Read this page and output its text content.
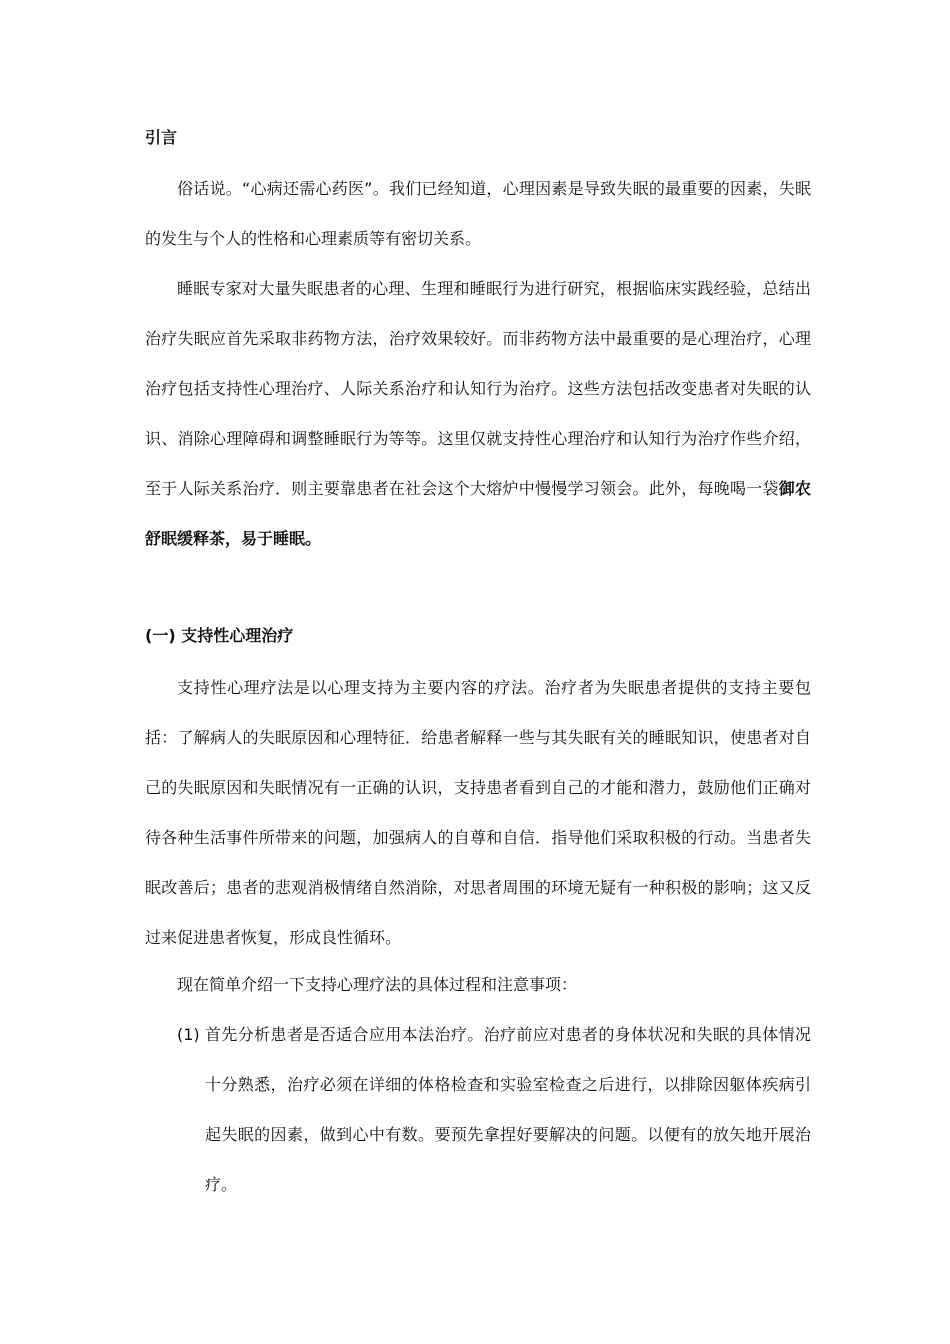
引言
俗话说。“心病还需心药医”。我们已经知道，心理因素是导致失眠的最重要的因素，失眠的发生与个人的性格和心理素质等有密切关系。
睡眠专家对大量失眠患者的心理、生理和睡眠行为进行研究，根据临床实践经验，总结出治疗失眠应首先采取非药物方法，治疗效果较好。而非药物方法中最重要的是心理治疗，心理治疗包括支持性心理治疗、人际关系治疗和认知行为治疗。这些方法包括改变患者对失眠的认识、消除心理障碍和调整睡眠行为等等。这里仅就支持性心理治疗和认知行为治疗作些介绍，至于人际关系治疗．则主要靠患者在社会这个大熔炉中慢慢学习领会。此外，每晚喝一袋御农舒眠缓释茶，易于睡眠。
(一) 支持性心理治疗
支持性心理疗法是以心理支持为主要内容的疗法。治疗者为失眠患者提供的支持主要包括：了解病人的失眠原因和心理特征．给患者解释一些与其失眠有关的睡眠知识，使患者对自己的失眠原因和失眠情况有一正确的认识，支持患者看到自己的才能和潜力，鼓励他们正确对待各种生活事件所带来的问题，加强病人的自尊和自信．指导他们采取积极的行动。当患者失眠改善后；患者的悲观消极情绪自然消除，对思者周围的环境无疑有一种积极的影响；这又反过来促进患者恢复，形成良性循环。
现在简单介绍一下支持心理疗法的具体过程和注意事项：
(1) 首先分析患者是否适合应用本法治疗。治疗前应对患者的身体状况和失眠的具体情况十分熟悉，治疗必须在详细的体格检查和实验室检查之后进行，以排除因躯体疾病引起失眠的因素，做到心中有数。要预先拿捏好要解决的问题。以便有的放矢地开展治疗。
